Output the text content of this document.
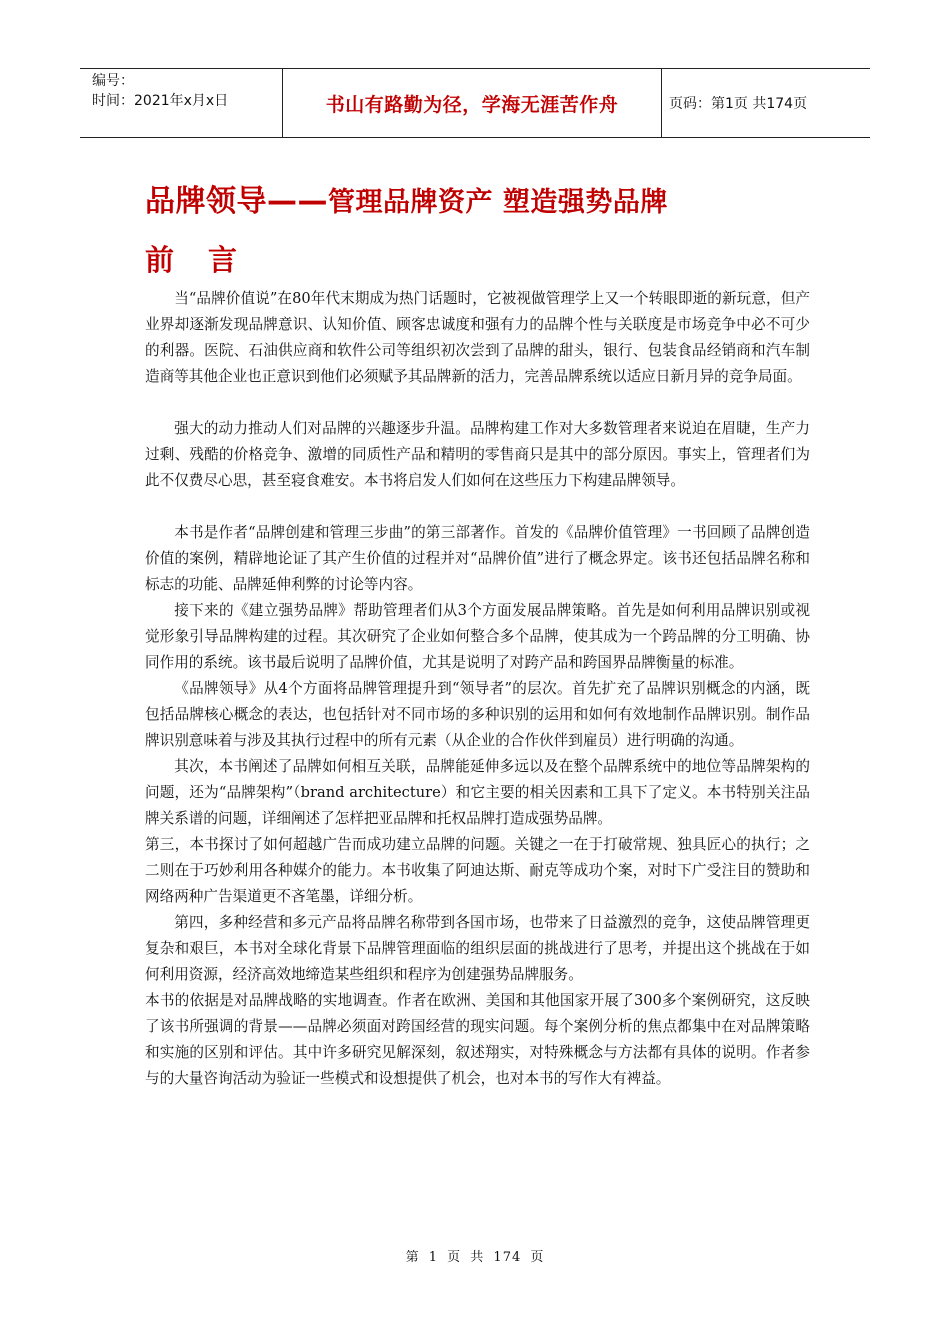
编号：
时间：2021年x月x日	书山有路勤为径，学海无涯苦作舟	页码：第1页 共174页
品牌领导——管理品牌资产 塑造强势品牌
前言

当“品牌价值说”在80年代末期成为热门话题时，它被视做管理学上又一个转眼即逝的新玩意，但产业界却逐渐发现品牌意识、认知价值、顾客忠诚度和强有力的品牌个性与关联度是市场竞争中必不可少的利器。医院、石油供应商和软件公司等组织初次尝到了品牌的甜头，银行、包装食品经销商和汽车制造商等其他企业也正意识到他们必须赋予其品牌新的活力，完善品牌系统以适应日新月异的竞争局面。

强大的动力推动人们对品牌的兴趣逐步升温。品牌构建工作对大多数管理者来说迫在眉睫，生产力过剩、残酷的价格竞争、激增的同质性产品和精明的零售商只是其中的部分原因。事实上，管理者们为此不仅费尽心思，甚至寝食难安。本书将启发人们如何在这些压力下构建品牌领导。

本书是作者“品牌创建和管理三步曲”的第三部著作。首发的《品牌价值管理》一书回顾了品牌创造价值的案例，精辟地论证了其产生价值的过程并对“品牌价值”进行了概念界定。该书还包括品牌名称和标志的功能、品牌延伸利弊的讨论等内容。

接下来的《建立强势品牌》帮助管理者们从3个方面发展品牌策略。首先是如何利用品牌识别或视觉形象引导品牌构建的过程。其次研究了企业如何整合多个品牌，使其成为一个跨品牌的分工明确、协同作用的系统。该书最后说明了品牌价值，尤其是说明了对跨产品和跨国界品牌衡量的标准。

《品牌领导》从4个方面将品牌管理提升到“领导者”的层次。首先扩充了品牌识别概念的内涵，既包括品牌核心概念的表达，也包括针对不同市场的多种识别的运用和如何有效地制作品牌识别。制作品牌识别意味着与涉及其执行过程中的所有元素（从企业的合作伙伴到雇员）进行明确的沟通。

其次，本书阐述了品牌如何相互关联，品牌能延伸多远以及在整个品牌系统中的地位等品牌架构的问题，还为“品牌架构”（brand architecture）和它主要的相关因素和工具下了定义。本书特别关注品牌关系谱的问题，详细阐述了怎样把亚品牌和托权品牌打造成强势品牌。

第三，本书探讨了如何超越广告而成功建立品牌的问题。关键之一在于打破常规、独具匠心的执行；之二则在于巧妙利用各种媒介的能力。本书收集了阿迪达斯、耐克等成功个案，对时下广受注目的赞助和网络两种广告渠道更不吝笔墨，详细分析。

第四，多种经营和多元产品将品牌名称带到各国市场，也带来了日益激烈的竞争，这使品牌管理更复杂和艰巨，本书对全球化背景下品牌管理面临的组织层面的挑战进行了思考，并提出这个挑战在于如何利用资源，经济高效地缔造某些组织和程序为创建强势品牌服务。

本书的依据是对品牌战略的实地调查。作者在欧洲、美国和其他国家开展了300多个案例研究，这反映了该书所强调的背景——品牌必须面对跨国经营的现实问题。每个案例分析的焦点都集中在对品牌策略和实施的区别和评估。其中许多研究见解深刻，叙述翔实，对特殊概念与方法都有具体的说明。作者参与的大量咨询活动为验证一些模式和设想提供了机会，也对本书的写作大有裨益。

第 1 页 共 174 页
